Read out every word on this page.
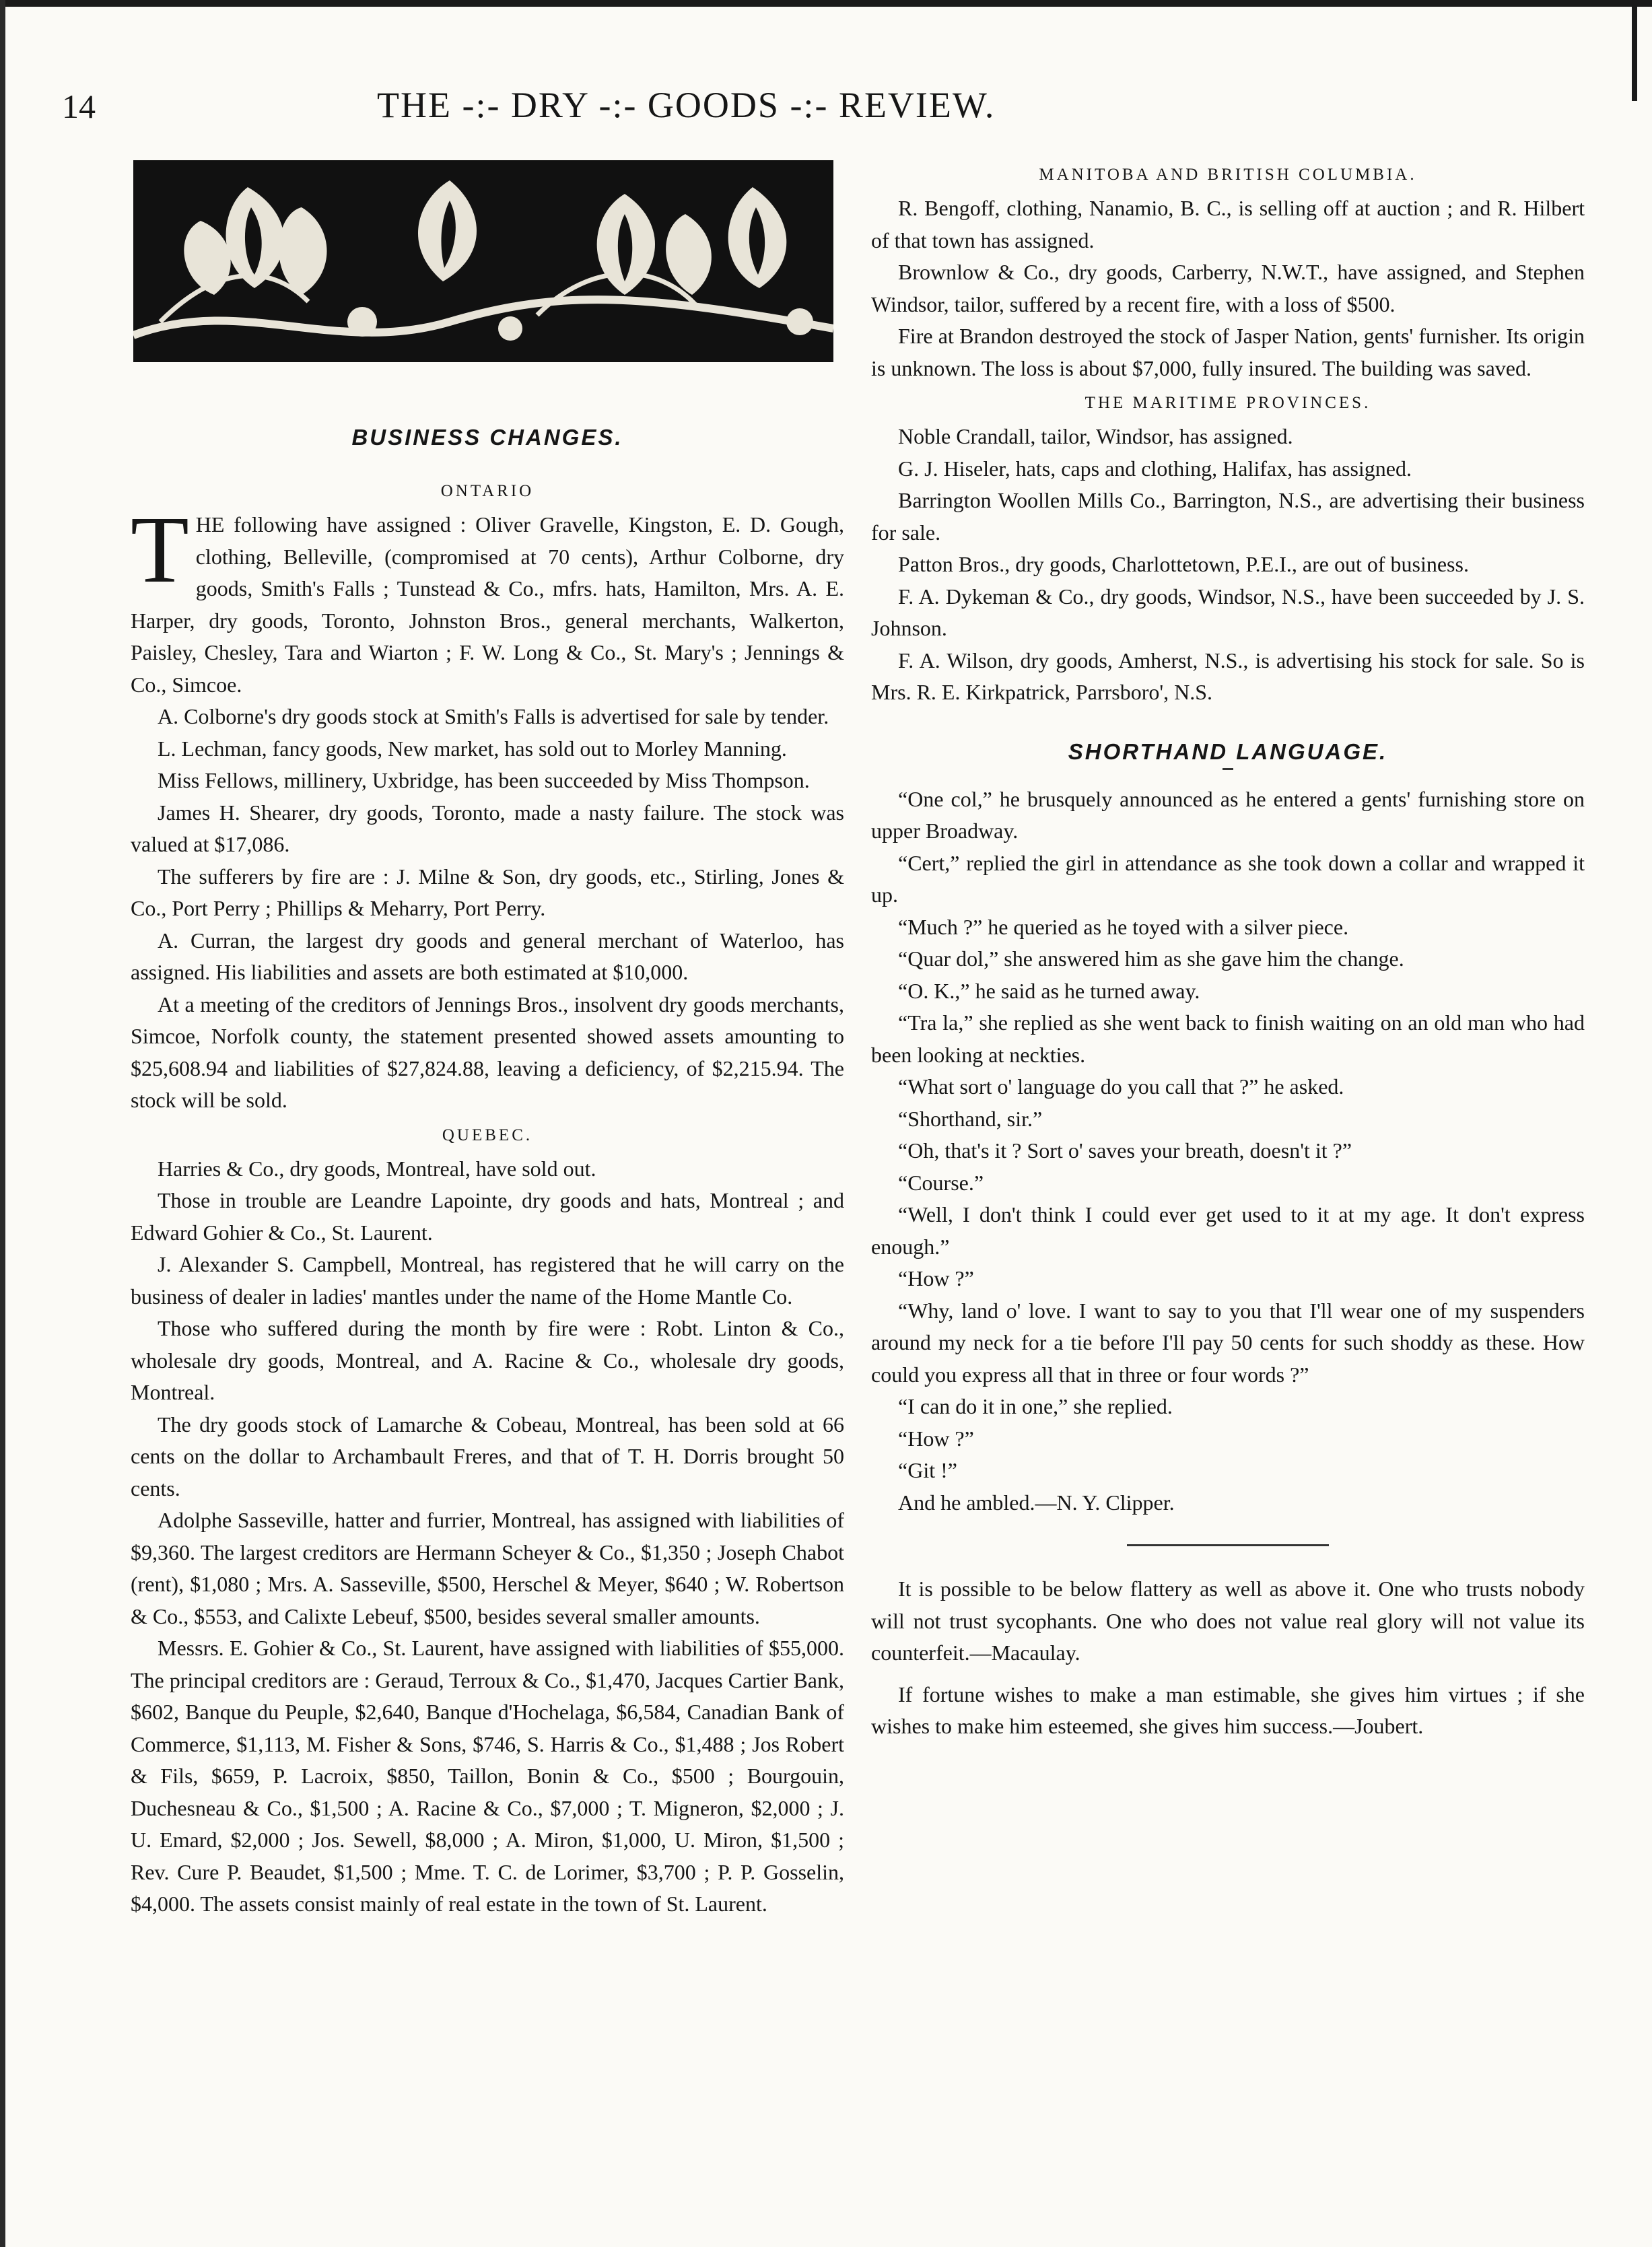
14	THE -:- DRY -:- GOODS -:- REVIEW.
BUSINESS CHANGES.
ONTARIO

THE following have assigned : Oliver Gravelle, Kingston, E. D. Gough, clothing, Belleville, (compromised at 70 cents), Arthur Colborne, dry goods, Smith's Falls ; Tunstead & Co., mfrs. hats, Hamilton, Mrs. A. E. Harper, dry goods, Toronto, Johnston Bros., general merchants, Walkerton, Paisley, Chesley, Tara and Wiarton ; F. W. Long & Co., St. Mary's ; Jennings & Co., Simcoe.

A. Colborne's dry goods stock at Smith's Falls is advertised for sale by tender.

L. Lechman, fancy goods, New market, has sold out to Morley Manning.

Miss Fellows, millinery, Uxbridge, has been succeeded by Miss Thompson.

James H. Shearer, dry goods, Toronto, made a nasty failure. The stock was valued at $17,086.

The sufferers by fire are : J. Milne & Son, dry goods, etc., Stirling, Jones & Co., Port Perry ; Phillips & Meharry, Port Perry.

A. Curran, the largest dry goods and general merchant of Waterloo, has assigned. His liabilities and assets are both estimated at $10,000.

At a meeting of the creditors of Jennings Bros., insolvent dry goods merchants, Simcoe, Norfolk county, the statement presented showed assets amounting to $25,608.94 and liabilities of $27,824.88, leaving a deficiency, of $2,215.94. The stock will be sold.

QUEBEC.

Harries & Co., dry goods, Montreal, have sold out.

Those in trouble are Leandre Lapointe, dry goods and hats, Montreal ; and Edward Gohier & Co., St. Laurent.

J. Alexander S. Campbell, Montreal, has registered that he will carry on the business of dealer in ladies' mantles under the name of the Home Mantle Co.

Those who suffered during the month by fire were : Robt. Linton & Co., wholesale dry goods, Montreal, and A. Racine & Co., wholesale dry goods, Montreal.

The dry goods stock of Lamarche & Cobeau, Montreal, has been sold at 66 cents on the dollar to Archambault Freres, and that of T. H. Dorris brought 50 cents.

Adolphe Sasseville, hatter and furrier, Montreal, has assigned with liabilities of $9,360. The largest creditors are Hermann Scheyer & Co., $1,350 ; Joseph Chabot (rent), $1,080 ; Mrs. A. Sasseville, $500, Herschel & Meyer, $640 ; W. Robertson & Co., $553, and Calixte Lebeuf, $500, besides several smaller amounts.

Messrs. E. Gohier & Co., St. Laurent, have assigned with liabilities of $55,000. The principal creditors are : Geraud, Terroux & Co., $1,470, Jacques Cartier Bank, $602, Banque du Peuple, $2,640, Banque d'Hochelaga, $6,584, Canadian Bank of Commerce, $1,113, M. Fisher & Sons, $746, S. Harris & Co., $1,488 ; Jos Robert & Fils, $659, P. Lacroix, $850, Taillon, Bonin & Co., $500 ; Bourgouin, Duchesneau & Co., $1,500 ; A. Racine & Co., $7,000 ; T. Migneron, $2,000 ; J. U. Emard, $2,000 ; Jos. Sewell, $8,000 ; A. Miron, $1,000, U. Miron, $1,500 ; Rev. Cure P. Beaudet, $1,500 ; Mme. T. C. de Lorimer, $3,700 ; P. P. Gosselin, $4,000. The assets consist mainly of real estate in the town of St. Laurent.

MANITOBA AND BRITISH COLUMBIA.

R. Bengoff, clothing, Nanamio, B. C., is selling off at auction ; and R. Hilbert of that town has assigned.

Brownlow & Co., dry goods, Carberry, N.W.T., have assigned, and Stephen Windsor, tailor, suffered by a recent fire, with a loss of $500.

Fire at Brandon destroyed the stock of Jasper Nation, gents' furnisher. Its origin is unknown. The loss is about $7,000, fully insured. The building was saved.

THE MARITIME PROVINCES.

Noble Crandall, tailor, Windsor, has assigned.

G. J. Hiseler, hats, caps and clothing, Halifax, has assigned.

Barrington Woollen Mills Co., Barrington, N.S., are advertising their business for sale.

Patton Bros., dry goods, Charlottetown, P.E.I., are out of business.

F. A. Dykeman & Co., dry goods, Windsor, N.S., have been succeeded by J. S. Johnson.

F. A. Wilson, dry goods, Amherst, N.S., is advertising his stock for sale. So is Mrs. R. E. Kirkpatrick, Parrsboro', N.S.

SHORTHAND LANGUAGE.

“One col,” he brusquely announced as he entered a gents' furnishing store on upper Broadway.

“Cert,” replied the girl in attendance as she took down a collar and wrapped it up.

“Much ?” he queried as he toyed with a silver piece.

“Quar dol,” she answered him as she gave him the change.

“O. K.,” he said as he turned away.

“Tra la,” she replied as she went back to finish waiting on an old man who had been looking at neckties.

“What sort o' language do you call that ?” he asked.

“Shorthand, sir.”

“Oh, that's it ? Sort o' saves your breath, doesn't it ?”

“Course.”

“Well, I don't think I could ever get used to it at my age. It don't express enough.”

“How ?”

“Why, land o' love. I want to say to you that I'll wear one of my suspenders around my neck for a tie before I'll pay 50 cents for such shoddy as these. How could you express all that in three or four words ?”

“I can do it in one,” she replied.

“How ?”

“Git !”

And he ambled.—N. Y. Clipper.

It is possible to be below flattery as well as above it. One who trusts nobody will not trust sycophants. One who does not value real glory will not value its counterfeit.—Macaulay.

If fortune wishes to make a man estimable, she gives him virtues ; if she wishes to make him esteemed, she gives him success.—Joubert.
